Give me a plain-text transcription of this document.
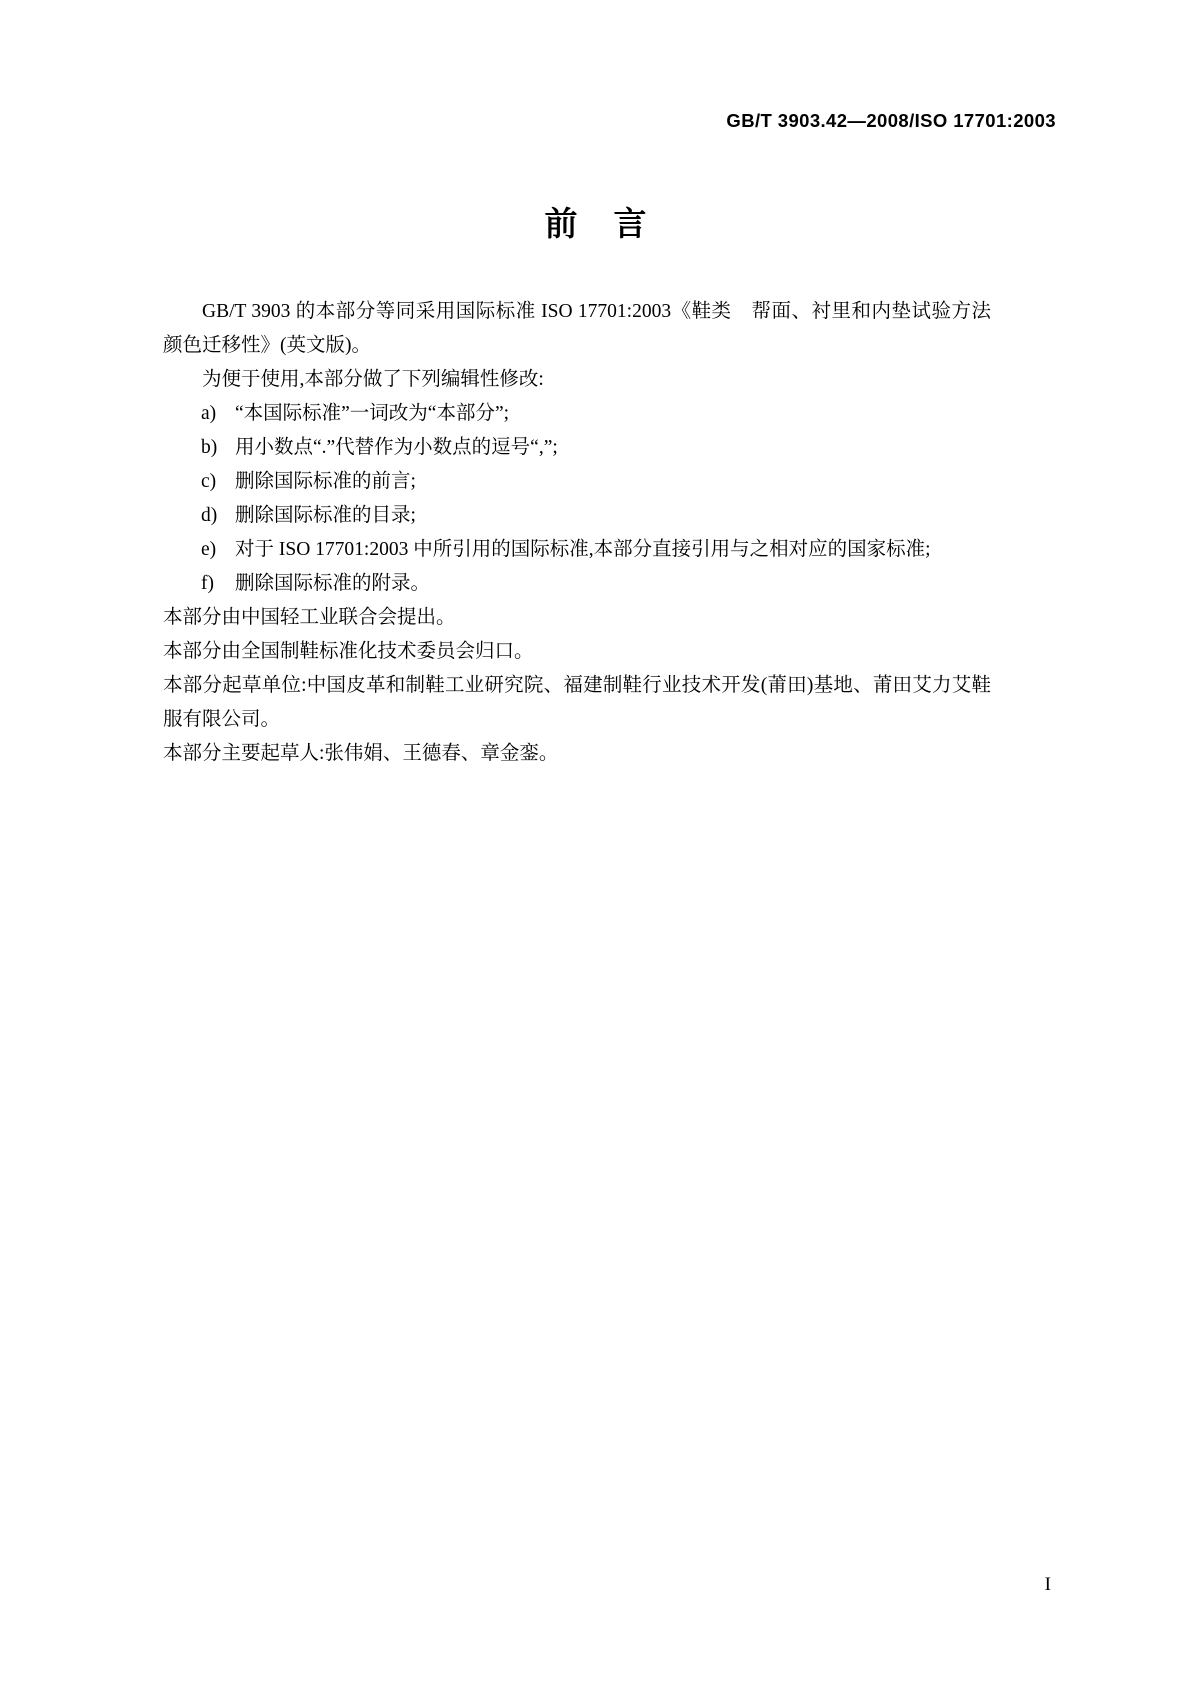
GB/T 3903.42—2008/ISO 17701:2003
前言

GB/T 3903 的本部分等同采用国际标准 ISO 17701:2003《鞋类　帮面、衬里和内垫试验方法　颜色迁移性》(英文版)。

为便于使用,本部分做了下列编辑性修改:

a) “本国际标准”一词改为“本部分”;
b) 用小数点“.”代替作为小数点的逗号“,”;
c) 删除国际标准的前言;
d) 删除国际标准的目录;
e) 对于 ISO 17701:2003 中所引用的国际标准,本部分直接引用与之相对应的国家标准;
f)	删除国际标准的附录。

本部分由中国轻工业联合会提出。

本部分由全国制鞋标准化技术委员会归口。

本部分起草单位:中国皮革和制鞋工业研究院、福建制鞋行业技术开发(莆田)基地、莆田艾力艾鞋服有限公司。

本部分主要起草人:张伟娟、王德春、章金銮。

I
